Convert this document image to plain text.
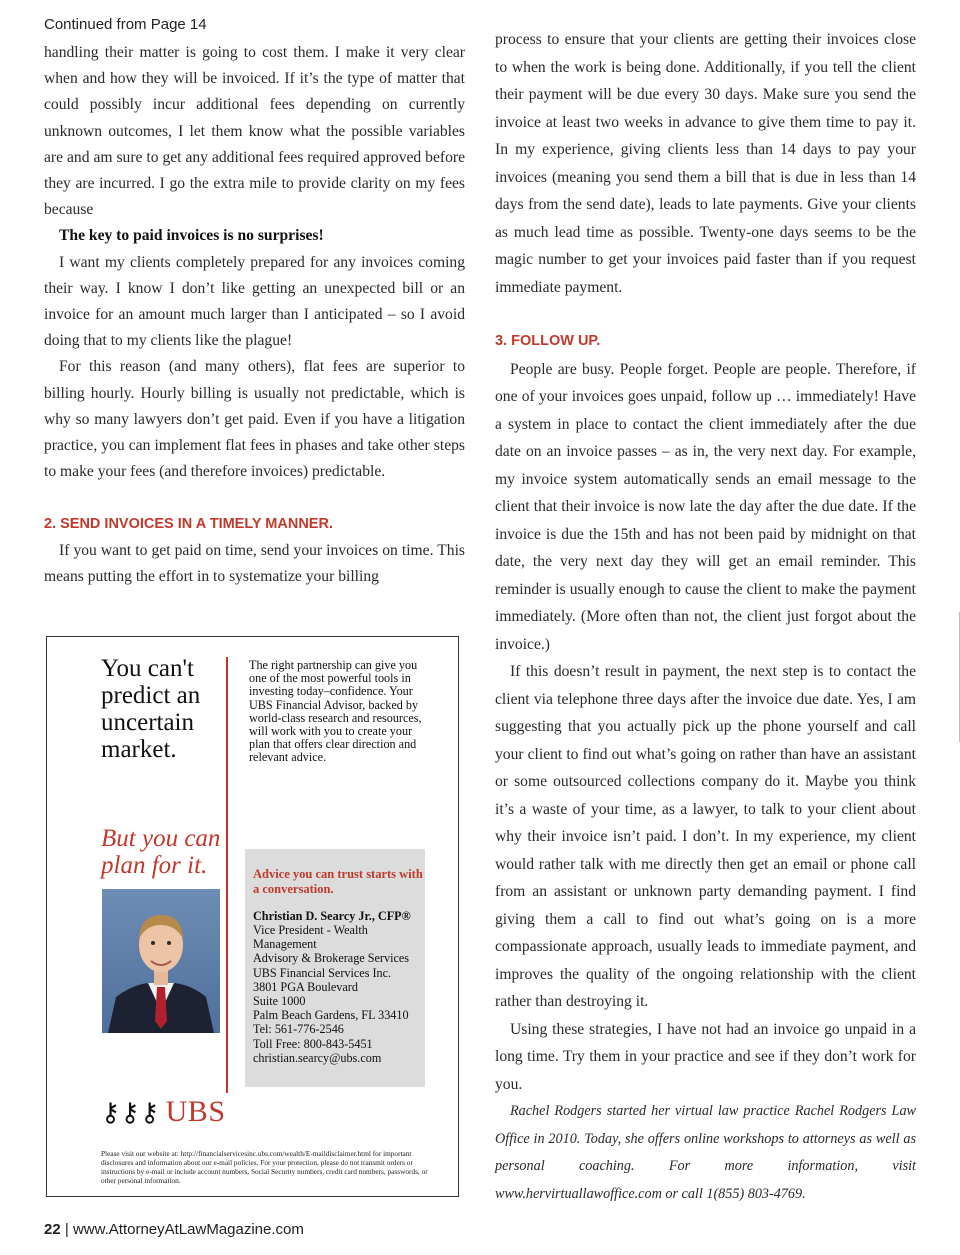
Continued from Page 14

handling their matter is going to cost them. I make it very clear when and how they will be invoiced. If it’s the type of matter that could possibly incur additional fees depending on currently unknown outcomes, I let them know what the possible variables are and am sure to get any additional fees required approved before they are incurred. I go the extra mile to provide clarity on my fees because

The key to paid invoices is no surprises!

I want my clients completely prepared for any invoices coming their way. I know I don’t like getting an unexpected bill or an invoice for an amount much larger than I anticipated – so I avoid doing that to my clients like the plague!

For this reason (and many others), flat fees are superior to billing hourly. Hourly billing is usually not predictable, which is why so many lawyers don’t get paid. Even if you have a litigation practice, you can implement flat fees in phases and take other steps to make your fees (and therefore invoices) predictable.

2. SEND INVOICES IN A TIMELY MANNER.

If you want to get paid on time, send your invoices on time. This means putting the effort in to systematize your billing

You can't predict an uncertain market.
The right partnership can give you one of the most powerful tools in investing today–confidence. Your UBS Financial Advisor, backed by world-class research and resources, will work with you to create your plan that offers clear direction and relevant advice.
But you can plan for it.	Advice you can trust starts with a conversation.
Christian D. Searcy Jr., CFP®
Vice President - Wealth
Management
Advisory & Brokerage Services
UBS Financial Services Inc.
3801 PGA Boulevard
Suite 1000
Palm Beach Gardens, FL 33410
Tel: 561-776-2546
Toll Free: 800-843-5451
christian.searcy@ubs.com
⚷⚷⚷ UBS
Please visit our website at: http://financialservicesinc.ubs.com/wealth/E-maildisclaimer.html for important disclosures and information about our e-mail policies. For your protection, please do not transmit orders or instructions by e-mail or include account numbers, Social Security numbers, credit card numbers, passwords, or other personal information.

process to ensure that your clients are getting their invoices close to when the work is being done. Additionally, if you tell the client their payment will be due every 30 days. Make sure you send the invoice at least two weeks in advance to give them time to pay it. In my experience, giving clients less than 14 days to pay your invoices (meaning you send them a bill that is due in less than 14 days from the send date), leads to late payments. Give your clients as much lead time as possible. Twenty-one days seems to be the magic number to get your invoices paid faster than if you request immediate payment.

3. FOLLOW UP.

People are busy. People forget. People are people. Therefore, if one of your invoices goes unpaid, follow up … immediately! Have a system in place to contact the client immediately after the due date on an invoice passes – as in, the very next day. For example, my invoice system automatically sends an email message to the client that their invoice is now late the day after the due date. If the invoice is due the 15th and has not been paid by midnight on that date, the very next day they will get an email reminder. This reminder is usually enough to cause the client to make the payment immediately. (More often than not, the client just forgot about the invoice.)

If this doesn’t result in payment, the next step is to contact the client via telephone three days after the invoice due date. Yes, I am suggesting that you actually pick up the phone yourself and call your client to find out what’s going on rather than have an assistant or some outsourced collections company do it. Maybe you think it’s a waste of your time, as a lawyer, to talk to your client about why their invoice isn’t paid. I don’t. In my experience, my client would rather talk with me directly then get an email or phone call from an assistant or unknown party demanding payment. I find giving them a call to find out what’s going on is a more compassionate approach, usually leads to immediate payment, and improves the quality of the ongoing relationship with the client rather than destroying it.

Using these strategies, I have not had an invoice go unpaid in a long time. Try them in your practice and see if they don’t work for you.

Rachel Rodgers started her virtual law practice Rachel Rodgers Law Office in 2010. Today, she offers online workshops to attorneys as well as personal coaching. For more information, visit www.hervirtuallawoffice.com or call 1(855) 803-4769.

22 | www.AttorneyAtLawMagazine.com
